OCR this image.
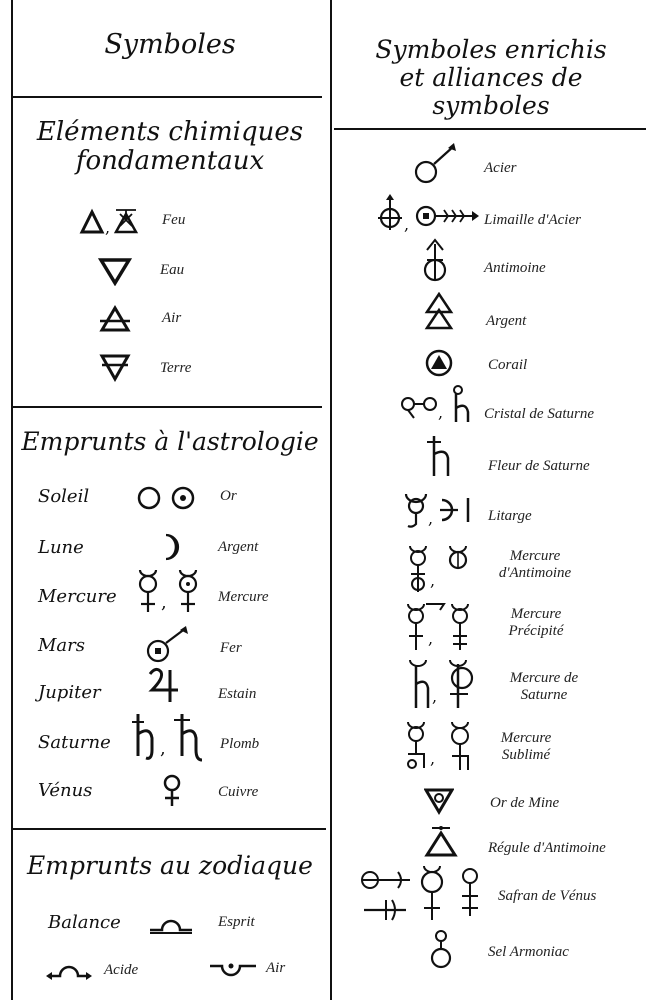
Symboles
Eléments chimiques
fondamentaux
,	Feu
Eau
Air
Terre
Emprunts à l'astrologie
Soleil	Or
Lune	Argent
Mercure ,	Mercure
Mars	Fer
Jupiter	Estain
Saturne	,	Plomb
Vénus	Cuivre
Emprunts au zodiaque
Balance	Esprit
Acide	Air
Symboles enrichis
et alliances de symboles
Acier
,	Limaille d'Acier
Antimoine
Argent
Corail
,	Cristal de Saturne
Fleur de Saturne
,	Litarge
,
Mercure
d'Antimoine
,
Mercure
Précipité
,
Mercure de
Saturne
,
Mercure
Sublimé
Or de Mine
Régule d'Antimoine
Safran de Vénus
Sel Armoniac
